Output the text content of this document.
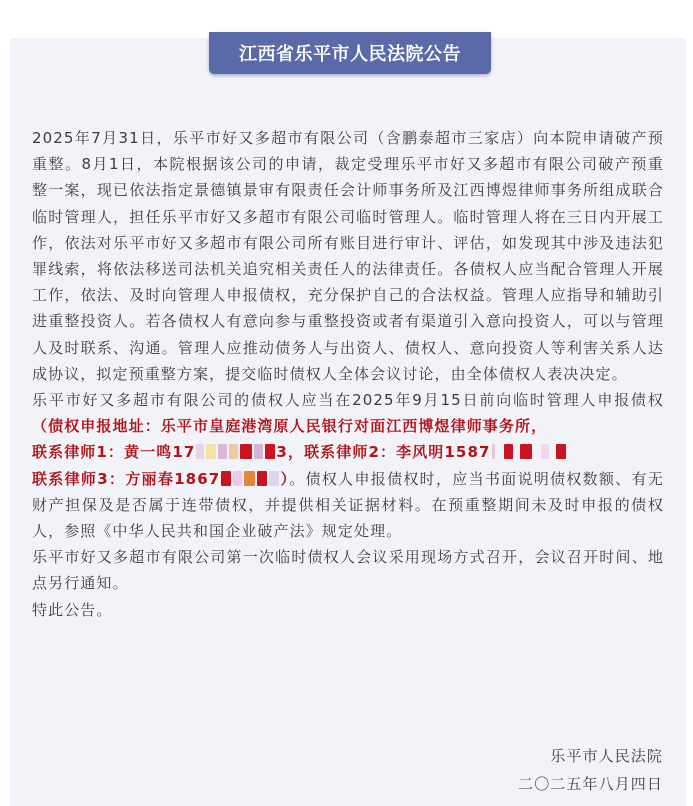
江西省乐平市人民法院公告

2025年7月31日，乐平市好又多超市有限公司（含鹏泰超市三家店）向本院申请破产预重整。8月1日，本院根据该公司的申请，裁定受理乐平市好又多超市有限公司破产预重整一案，现已依法指定景德镇景审有限责任会计师事务所及江西博煜律师事务所组成联合临时管理人，担任乐平市好又多超市有限公司临时管理人。临时管理人将在三日内开展工作，依法对乐平市好又多超市有限公司所有账目进行审计、评估，如发现其中涉及违法犯罪线索，将依法移送司法机关追究相关责任人的法律责任。各债权人应当配合管理人开展工作，依法、及时向管理人申报债权，充分保护自己的合法权益。管理人应指导和辅助引进重整投资人。若各债权人有意向参与重整投资或者有渠道引入意向投资人，可以与管理人及时联系、沟通。管理人应推动债务人与出资人、债权人、意向投资人等利害关系人达成协议，拟定预重整方案，提交临时债权人全体会议讨论，由全体债权人表决决定。

乐平市好又多超市有限公司的债权人应当在2025年9月15日前向临时管理人申报债权（债权申报地址：乐平市皇庭港湾原人民银行对面江西博煜律师事务所，
联系律师1：黄一鸣17	3，联系律师2：李风明1587
联系律师3：方丽春1867	）。债权人申报债权时，应当书面说明债权数额、有无财产担保及是否属于连带债权，并提供相关证据材料。在预重整期间未及时申报的债权人，参照《中华人民共和国企业破产法》规定处理。

乐平市好又多超市有限公司第一次临时债权人会议采用现场方式召开，会议召开时间、地点另行通知。

特此公告。

乐平市人民法院
二〇二五年八月四日
